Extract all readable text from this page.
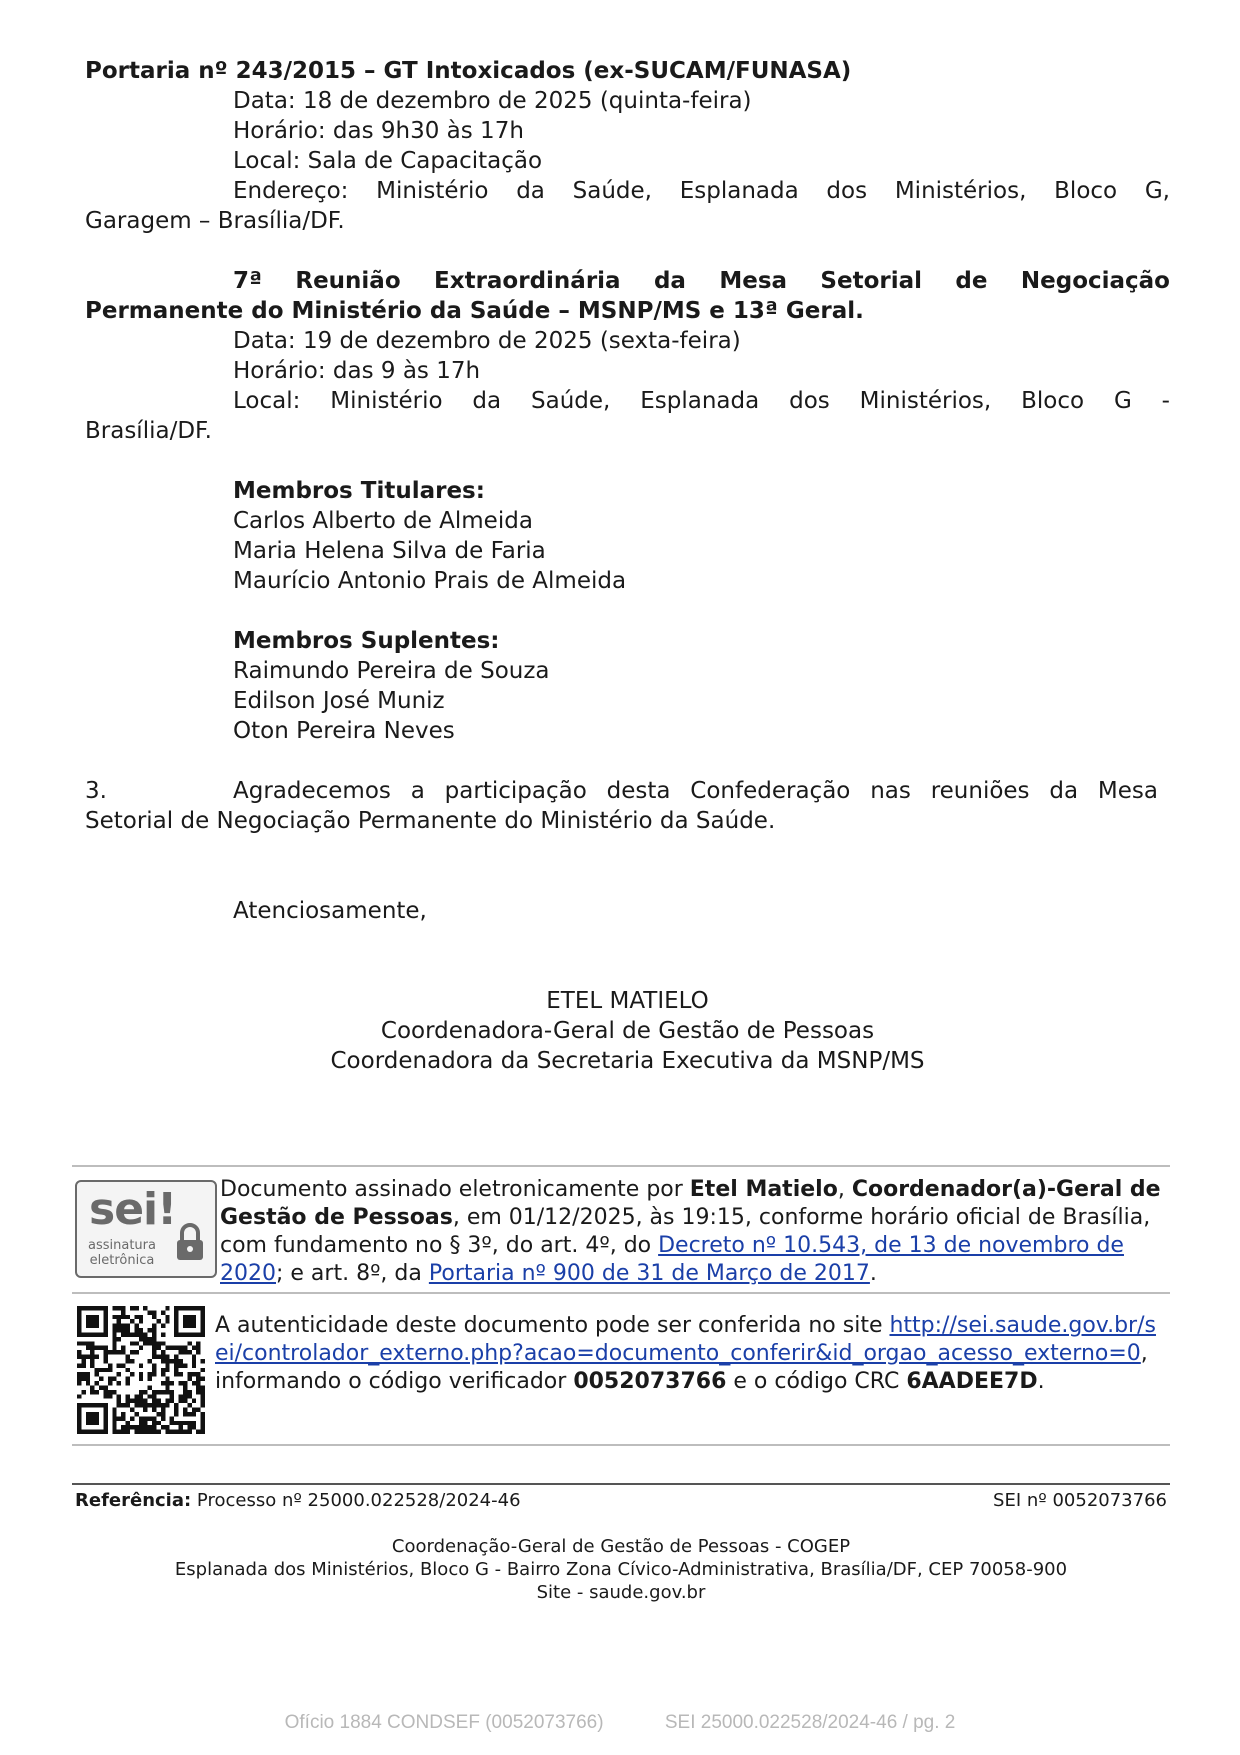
Portaria nº 243/2015 – GT Intoxicados (ex-SUCAM/FUNASA)
Data: 18 de dezembro de 2025 (quinta-feira)
Horário: das 9h30 às 17h
Local: Sala de Capacitação
Endereço: Ministério da Saúde, Esplanada dos Ministérios, Bloco G,
Garagem – Brasília/DF.
7ª Reunião Extraordinária da Mesa Setorial de Negociação
Permanente do Ministério da Saúde – MSNP/MS e 13ª Geral.
Data: 19 de dezembro de 2025 (sexta-feira)
Horário: das 9 às 17h
Local: Ministério da Saúde, Esplanada dos Ministérios, Bloco G -
Brasília/DF.
Membros Titulares:
Carlos Alberto de Almeida
Maria Helena Silva de Faria
Maurício Antonio Prais de Almeida
Membros Suplentes:
Raimundo Pereira de Souza
Edilson José Muniz
Oton Pereira Neves
3.	Agradecemos a participação desta Confederação nas reuniões da Mesa
Setorial de Negociação Permanente do Ministério da Saúde.
Atenciosamente,
ETEL MATIELO
Coordenadora-Geral de Gestão de Pessoas
Coordenadora da Secretaria Executiva da MSNP/MS
sei!
assinatura eletrônica
Documento assinado eletronicamente por Etel Matielo, Coordenador(a)-Geral de Gestão de Pessoas, em 01/12/2025, às 19:15, conforme horário oficial de Brasília, com fundamento no § 3º, do art. 4º, do Decreto nº 10.543, de 13 de novembro de 2020; e art. 8º, da Portaria nº 900 de 31 de Março de 2017.
A autenticidade deste documento pode ser conferida no site http://sei.saude.gov.br/sei/controlador_externo.php?acao=documento_conferir&id_orgao_acesso_externo=0, informando o código verificador 0052073766 e o código CRC 6AADEE7D.
Referência: Processo nº 25000.022528/2024-46	SEI nº 0052073766
Coordenação-Geral de Gestão de Pessoas - COGEP
Esplanada dos Ministérios, Bloco G - Bairro Zona Cívico-Administrativa, Brasília/DF, CEP 70058-900
Site - saude.gov.br
Ofício 1884 CONDSEF (0052073766)	SEI 25000.022528/2024-46 / pg. 2
